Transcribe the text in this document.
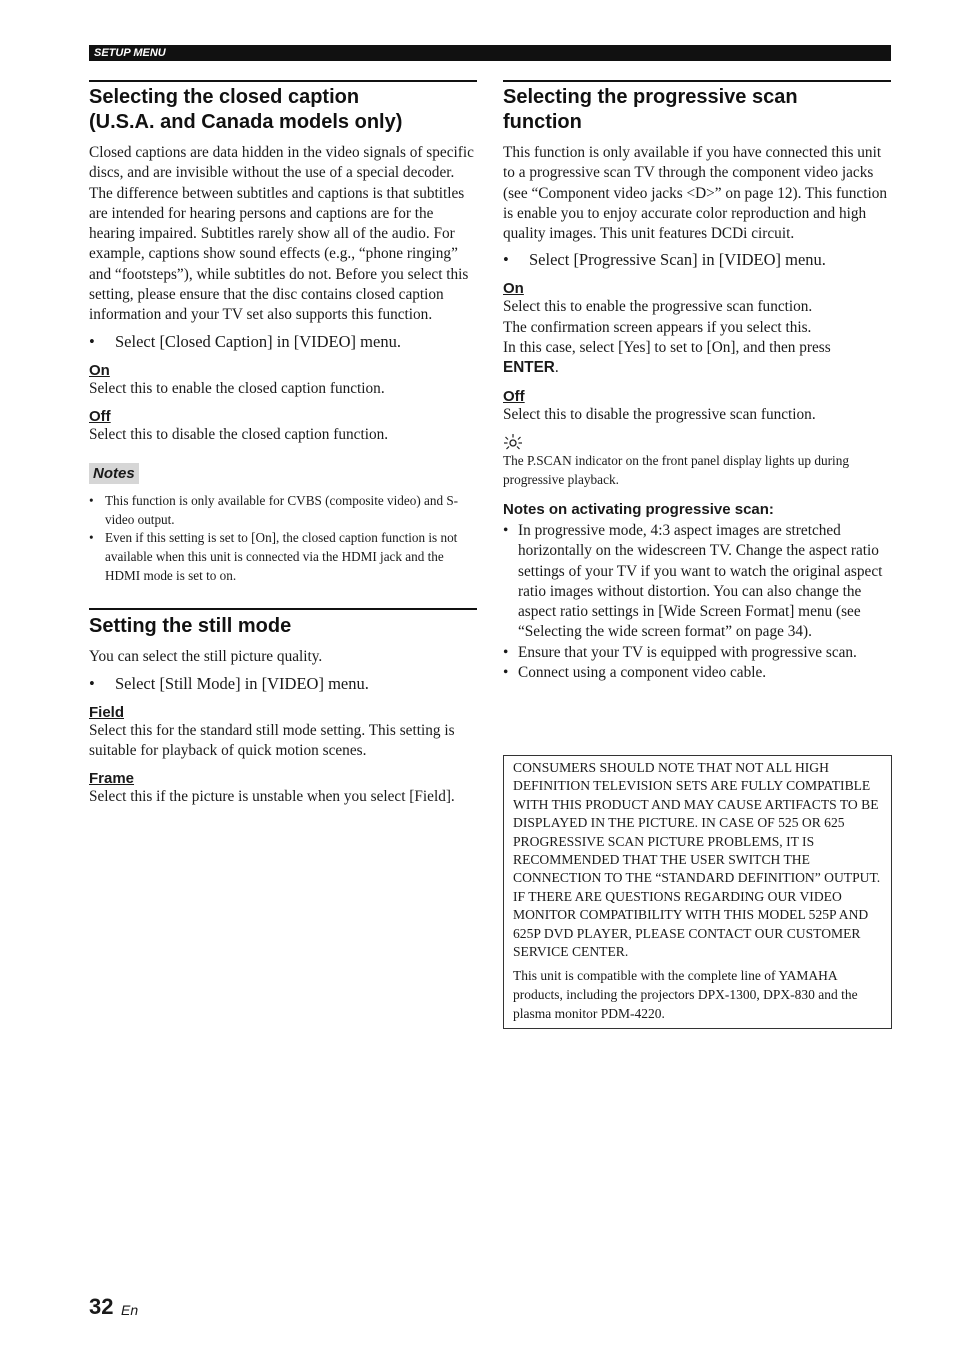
SETUP MENU
Selecting the closed caption
(U.S.A. and Canada models only)

Closed captions are data hidden in the video signals of specific discs, and are invisible without the use of a special decoder. The difference between subtitles and captions is that subtitles are intended for hearing persons and captions are for the hearing impaired. Subtitles rarely show all of the audio. For example, captions show sound effects (e.g., “phone ringing” and “footsteps”), while subtitles do not. Before you select this setting, please ensure that the disc contains closed caption information and your TV set also supports this function.

•	Select [Closed Caption] in [VIDEO] menu.
On

Select this to enable the closed caption function.

Off

Select this to disable the closed caption function.

Notes
• This function is only available for CVBS (composite video) and S-video output.
• Even if this setting is set to [On], the closed caption function is not available when this unit is connected via the HDMI jack and the HDMI mode is set to on.
Setting the still mode

You can select the still picture quality.

•	Select [Still Mode] in [VIDEO] menu.
Field

Select this for the standard still mode setting. This setting is suitable for playback of quick motion scenes.

Frame

Select this if the picture is unstable when you select [Field].

Selecting the progressive scan
function

This function is only available if you have connected this unit to a progressive scan TV through the component video jacks (see “Component video jacks <D>” on page 12). This function is enable you to enjoy accurate color reproduction and high quality images. This unit features DCDi circuit.

•	Select [Progressive Scan] in [VIDEO] menu.
On

Select this to enable the progressive scan function.
The confirmation screen appears if you select this.
In this case, select [Yes] to set to [On], and then press
ENTER.

Off

Select this to disable the progressive scan function.

The P.SCAN indicator on the front panel display lights up during progressive playback.

Notes on activating progressive scan:
• In progressive mode, 4:3 aspect images are stretched horizontally on the widescreen TV. Change the aspect ratio settings of your TV if you want to watch the original aspect ratio images without distortion. You can also change the aspect ratio settings in [Wide Screen Format] menu (see “Selecting the wide screen format” on page 34).
• Ensure that your TV is equipped with progressive scan.
• Connect using a component video cable.

CONSUMERS SHOULD NOTE THAT NOT ALL HIGH DEFINITION TELEVISION SETS ARE FULLY COMPATIBLE WITH THIS PRODUCT AND MAY CAUSE ARTIFACTS TO BE DISPLAYED IN THE PICTURE. IN CASE OF 525 OR 625 PROGRESSIVE SCAN PICTURE PROBLEMS, IT IS RECOMMENDED THAT THE USER SWITCH THE CONNECTION TO THE “STANDARD DEFINITION” OUTPUT. IF THERE ARE QUESTIONS REGARDING OUR VIDEO MONITOR COMPATIBILITY WITH THIS MODEL 525P AND 625P DVD PLAYER, PLEASE CONTACT OUR CUSTOMER SERVICE CENTER.

This unit is compatible with the complete line of YAMAHA products, including the projectors DPX-1300, DPX-830 and the plasma monitor PDM-4220.

32 En
